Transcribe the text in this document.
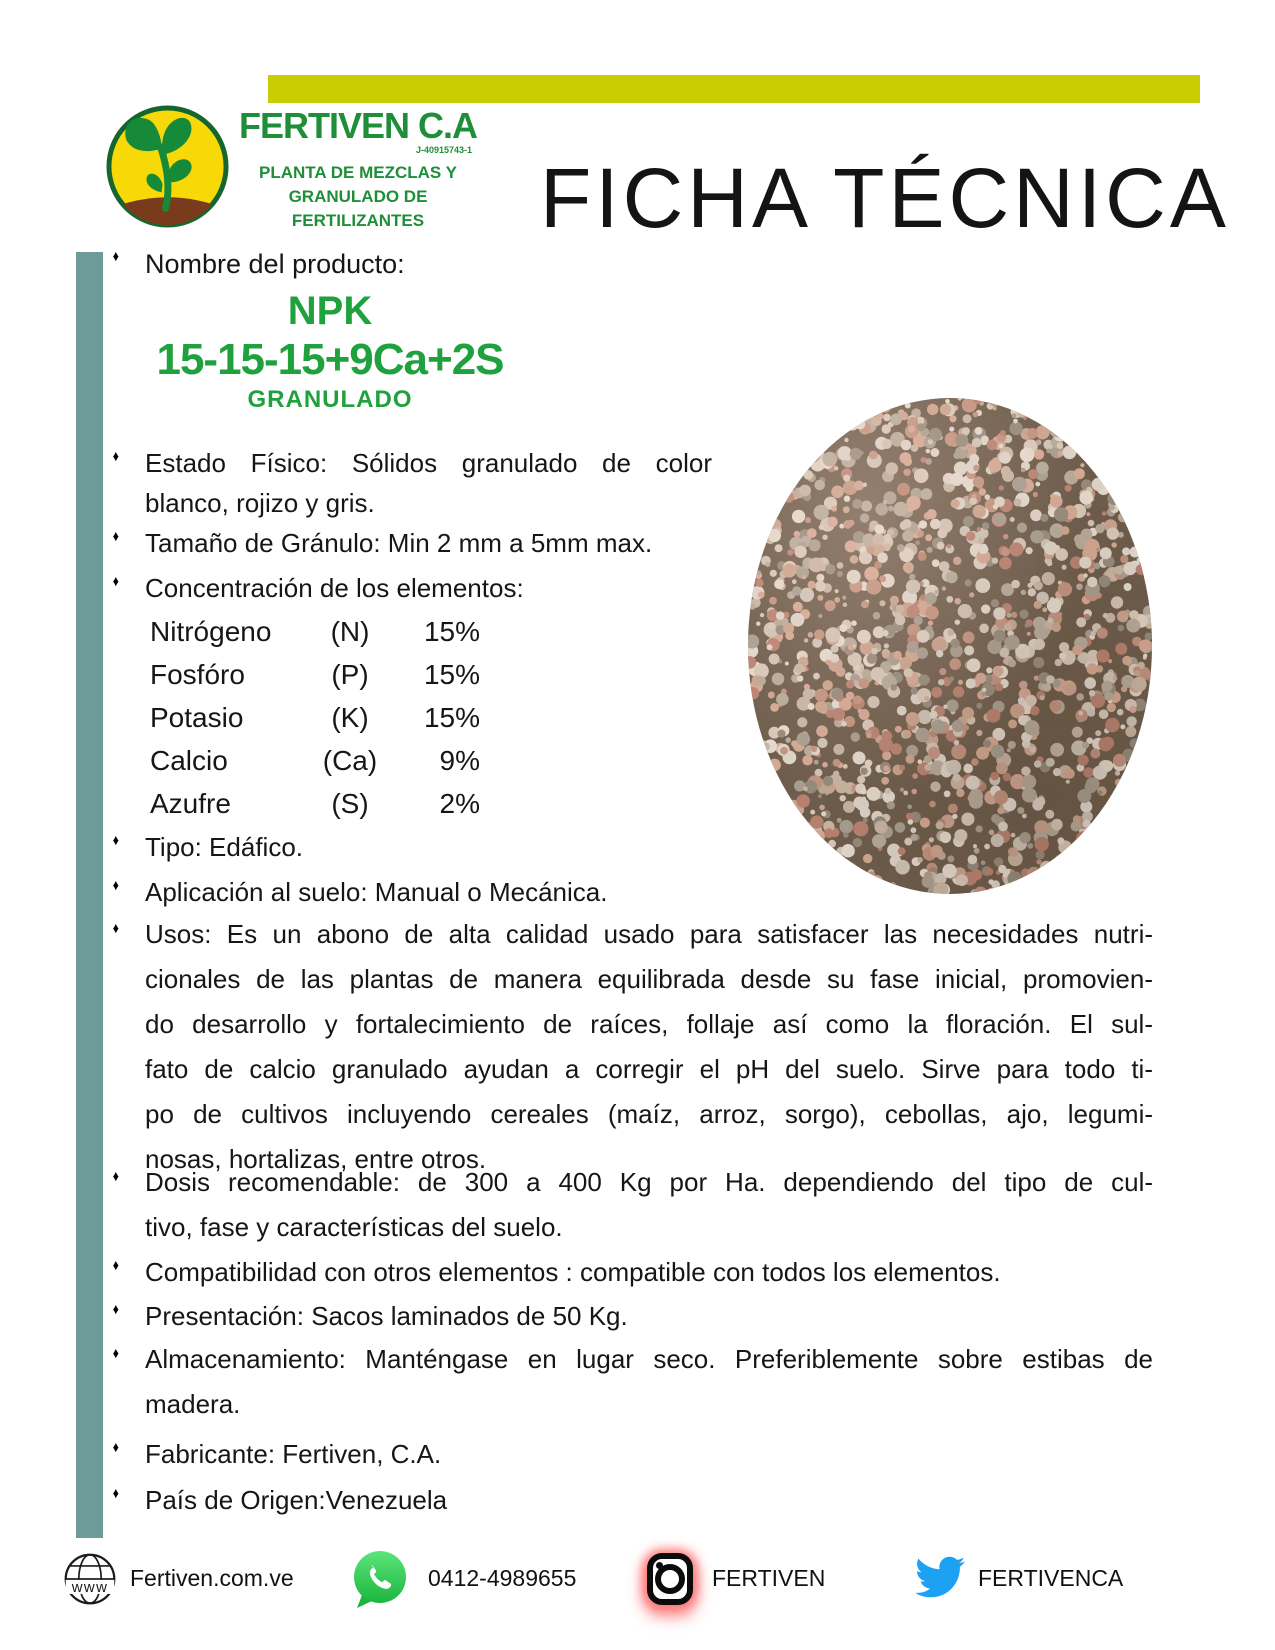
FERTIVEN C.A
J-40915743-1
PLANTA DE MEZCLAS Y
GRANULADO DE FERTILIZANTES	FICHA TÉCNICA
♦ Nombre del producto:
NPK
15-15-15+9Ca+2S
GRANULADO
♦ Estado Físico: Sólidos granulado de color
blanco, rojizo y gris.
♦ Tamaño de Gránulo: Min 2 mm a 5mm max.
♦ Concentración de los elementos:
Nitrógeno	(N)	15%
Fosfóro	(P)	15%
Potasio	(K)	15%
Calcio	(Ca)	9%
Azufre	(S)	2%
♦ Tipo: Edáfico.
♦ Aplicación al suelo: Manual o Mecánica.
♦ Usos: Es un abono de alta calidad usado para satisfacer las necesidades nutri-
cionales de las plantas de manera equilibrada desde su fase inicial, promovien-
do desarrollo y fortalecimiento de raíces, follaje así como la floración. El sul-
fato de calcio granulado ayudan a corregir el pH del suelo. Sirve para todo ti-
po de cultivos incluyendo cereales (maíz, arroz, sorgo), cebollas, ajo, legumi-
nosas, hortalizas, entre otros.
♦ Dosis recomendable: de 300 a 400 Kg por Ha. dependiendo del tipo de cul-
tivo, fase y características del suelo.
♦ Compatibilidad con otros elementos : compatible con todos los elementos.
♦ Presentación: Sacos laminados de 50 Kg.
♦ Almacenamiento: Manténgase en lugar seco. Preferiblemente sobre estibas de
madera.
♦ Fabricante: Fertiven, C.A.
♦ País de Origen:Venezuela
www Fertiven.com.ve	0412-4989655	FERTIVEN	FERTIVENCA
